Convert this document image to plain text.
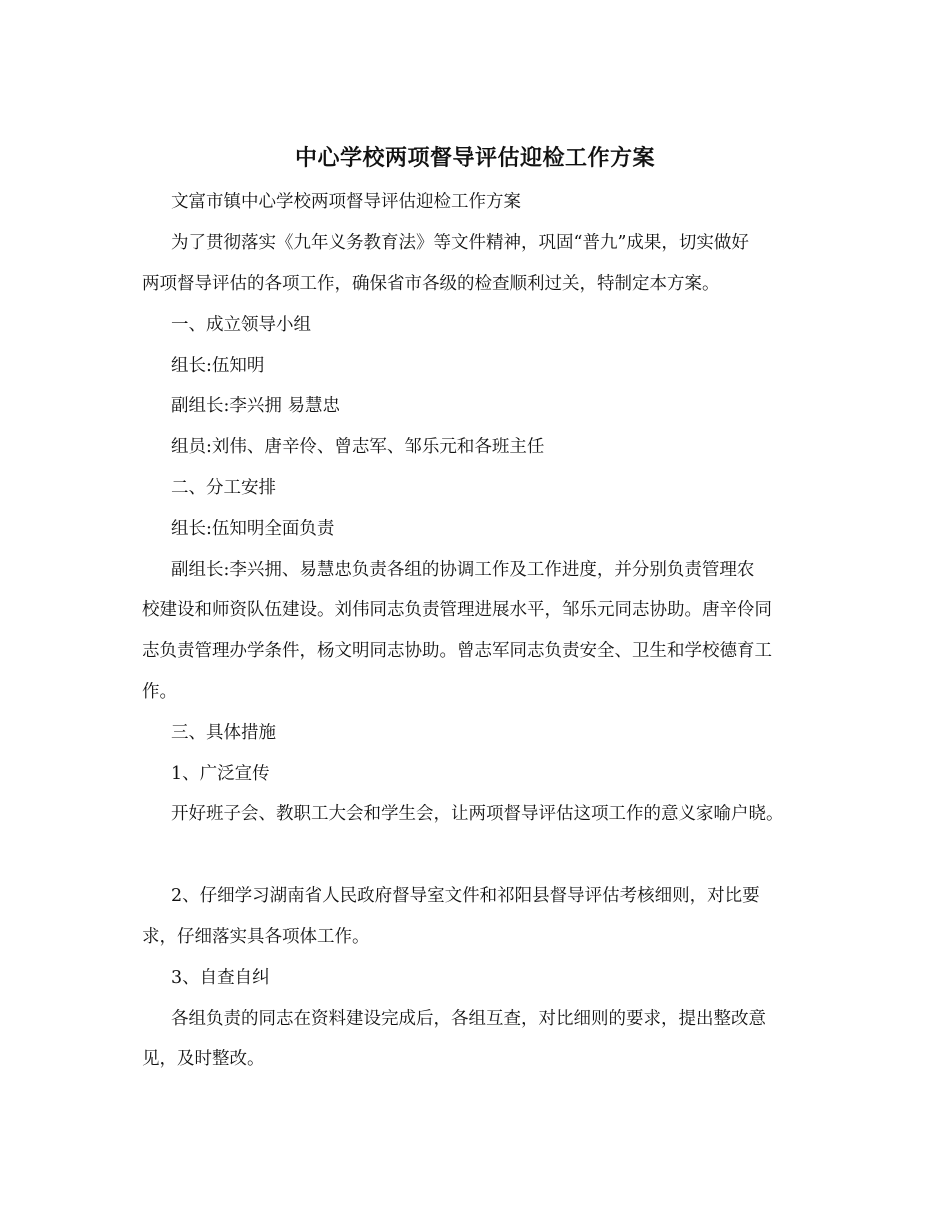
中心学校两项督导评估迎检工作方案
文富市镇中心学校两项督导评估迎检工作方案
为了贯彻落实《九年义务教育法》等文件精神，巩固“普九”成果，切实做好
两项督导评估的各项工作，确保省市各级的检查顺利过关，特制定本方案。
一、成立领导小组
组长:伍知明
副组长:李兴拥 易慧忠
组员:刘伟、唐辛伶、曾志军、邹乐元和各班主任
二、分工安排
组长:伍知明全面负责
副组长:李兴拥、易慧忠负责各组的协调工作及工作进度，并分别负责管理农
校建设和师资队伍建设。刘伟同志负责管理进展水平，邹乐元同志协助。唐辛伶同
志负责管理办学条件，杨文明同志协助。曾志军同志负责安全、卫生和学校德育工
作。
三、具体措施
1、广泛宣传
开好班子会、教职工大会和学生会，让两项督导评估这项工作的意义家喻户晓。
2、仔细学习湖南省人民政府督导室文件和祁阳县督导评估考核细则，对比要
求，仔细落实具各项体工作。
3、自查自纠
各组负责的同志在资料建设完成后，各组互查，对比细则的要求，提出整改意
见，及时整改。
